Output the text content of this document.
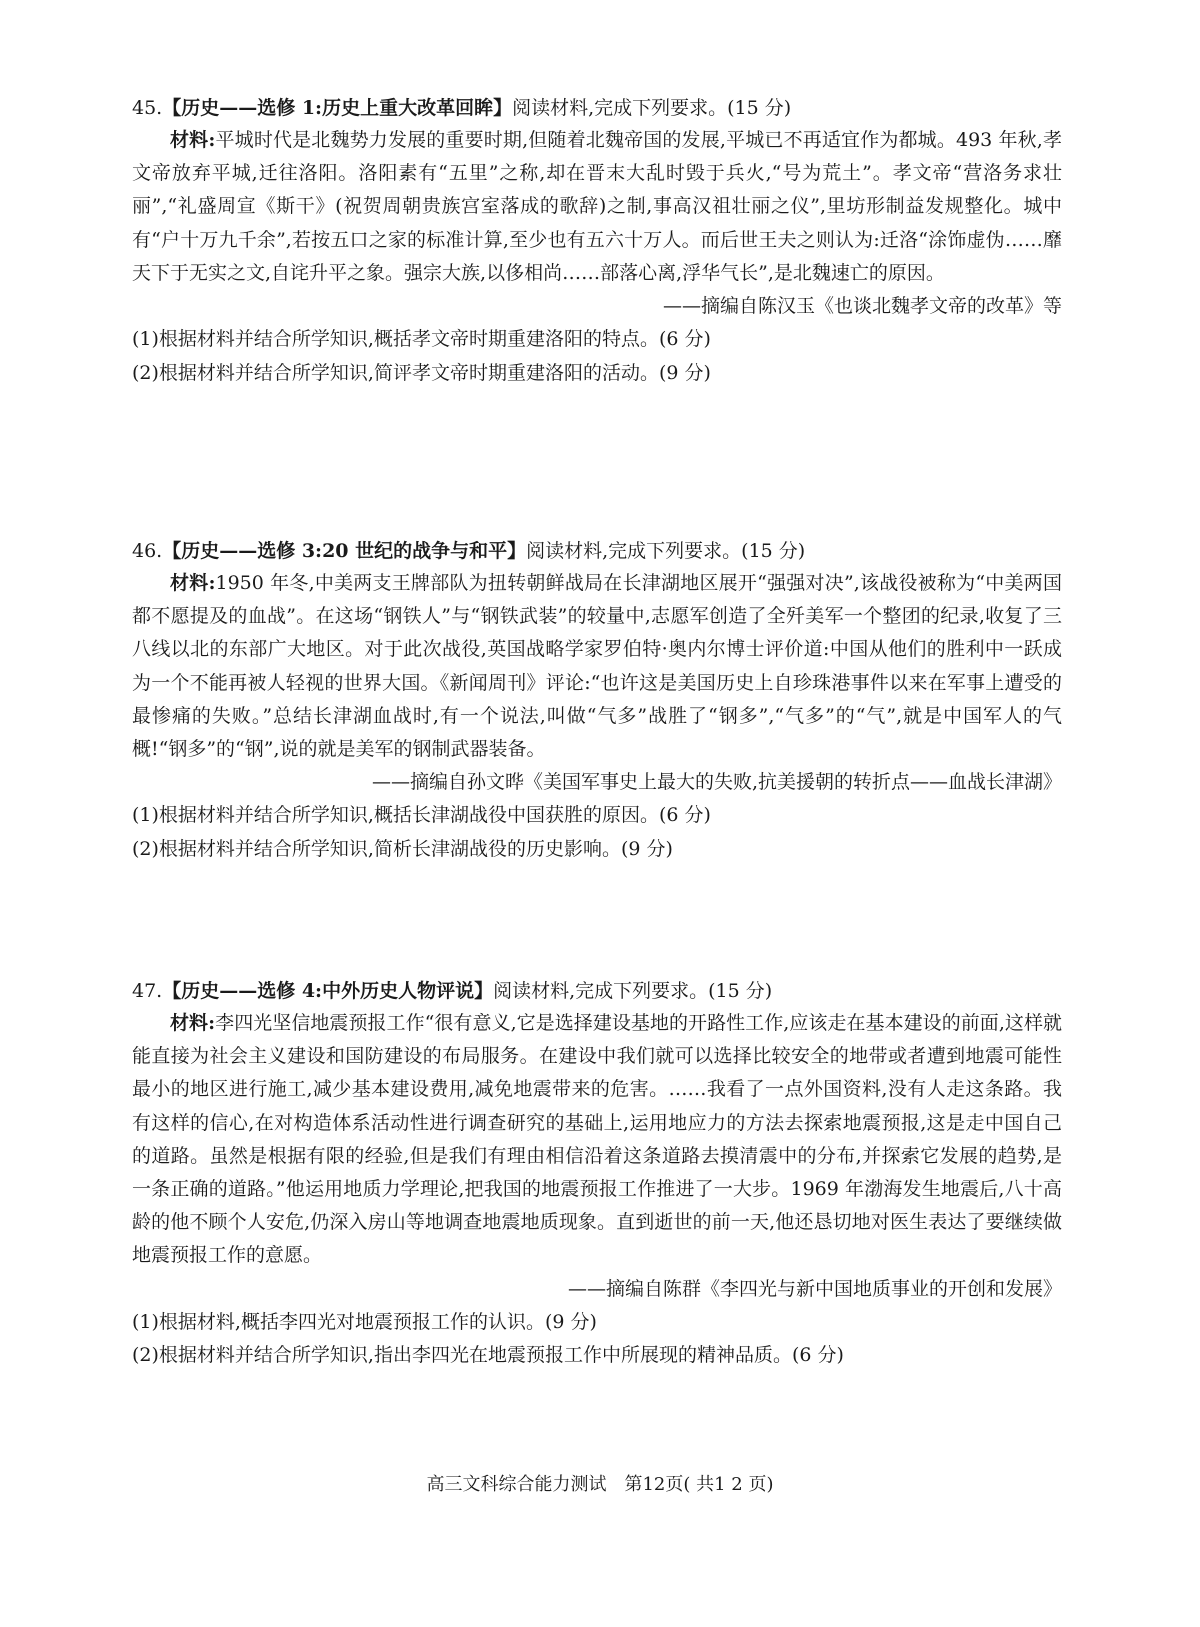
45.【历史——选修 1:历史上重大改革回眸】阅读材料,完成下列要求。(15 分)

材料:平城时代是北魏势力发展的重要时期,但随着北魏帝国的发展,平城已不再适宜作为都城。493 年秋,孝文帝放弃平城,迁往洛阳。洛阳素有“五里”之称,却在晋末大乱时毁于兵火,“号为荒土”。孝文帝“营洛务求壮丽”,“礼盛周宣《斯干》(祝贺周朝贵族宫室落成的歌辞)之制,事高汉祖壮丽之仪”,里坊形制益发规整化。城中有“户十万九千余”,若按五口之家的标准计算,至少也有五六十万人。而后世王夫之则认为:迁洛“涂饰虚伪……靡天下于无实之文,自诧升平之象。强宗大族,以侈相尚……部落心离,浮华气长”,是北魏速亡的原因。

——摘编自陈汉玉《也谈北魏孝文帝的改革》等

(1)根据材料并结合所学知识,概括孝文帝时期重建洛阳的特点。(6 分)

(2)根据材料并结合所学知识,简评孝文帝时期重建洛阳的活动。(9 分)

46.【历史——选修 3:20 世纪的战争与和平】阅读材料,完成下列要求。(15 分)

材料:1950 年冬,中美两支王牌部队为扭转朝鲜战局在长津湖地区展开“强强对决”,该战役被称为“中美两国都不愿提及的血战”。在这场“钢铁人”与“钢铁武装”的较量中,志愿军创造了全歼美军一个整团的纪录,收复了三八线以北的东部广大地区。对于此次战役,英国战略学家罗伯特·奥内尔博士评价道:中国从他们的胜利中一跃成为一个不能再被人轻视的世界大国。《新闻周刊》评论:“也许这是美国历史上自珍珠港事件以来在军事上遭受的最惨痛的失败。”总结长津湖血战时,有一个说法,叫做“气多”战胜了“钢多”,“气多”的“气”,就是中国军人的气概!“钢多”的“钢”,说的就是美军的钢制武器装备。

——摘编自孙文晔《美国军事史上最大的失败,抗美援朝的转折点——血战长津湖》

(1)根据材料并结合所学知识,概括长津湖战役中国获胜的原因。(6 分)

(2)根据材料并结合所学知识,简析长津湖战役的历史影响。(9 分)

47.【历史——选修 4:中外历史人物评说】阅读材料,完成下列要求。(15 分)

材料:李四光坚信地震预报工作“很有意义,它是选择建设基地的开路性工作,应该走在基本建设的前面,这样就能直接为社会主义建设和国防建设的布局服务。在建设中我们就可以选择比较安全的地带或者遭到地震可能性最小的地区进行施工,减少基本建设费用,减免地震带来的危害。……我看了一点外国资料,没有人走这条路。我有这样的信心,在对构造体系活动性进行调查研究的基础上,运用地应力的方法去探索地震预报,这是走中国自己的道路。虽然是根据有限的经验,但是我们有理由相信沿着这条道路去摸清震中的分布,并探索它发展的趋势,是一条正确的道路。”他运用地质力学理论,把我国的地震预报工作推进了一大步。1969 年渤海发生地震后,八十高龄的他不顾个人安危,仍深入房山等地调查地震地质现象。直到逝世的前一天,他还恳切地对医生表达了要继续做地震预报工作的意愿。

——摘编自陈群《李四光与新中国地质事业的开创和发展》

(1)根据材料,概括李四光对地震预报工作的认识。(9 分)

(2)根据材料并结合所学知识,指出李四光在地震预报工作中所展现的精神品质。(6 分)

高三文科综合能力测试　第12页( 共1 2 页)
